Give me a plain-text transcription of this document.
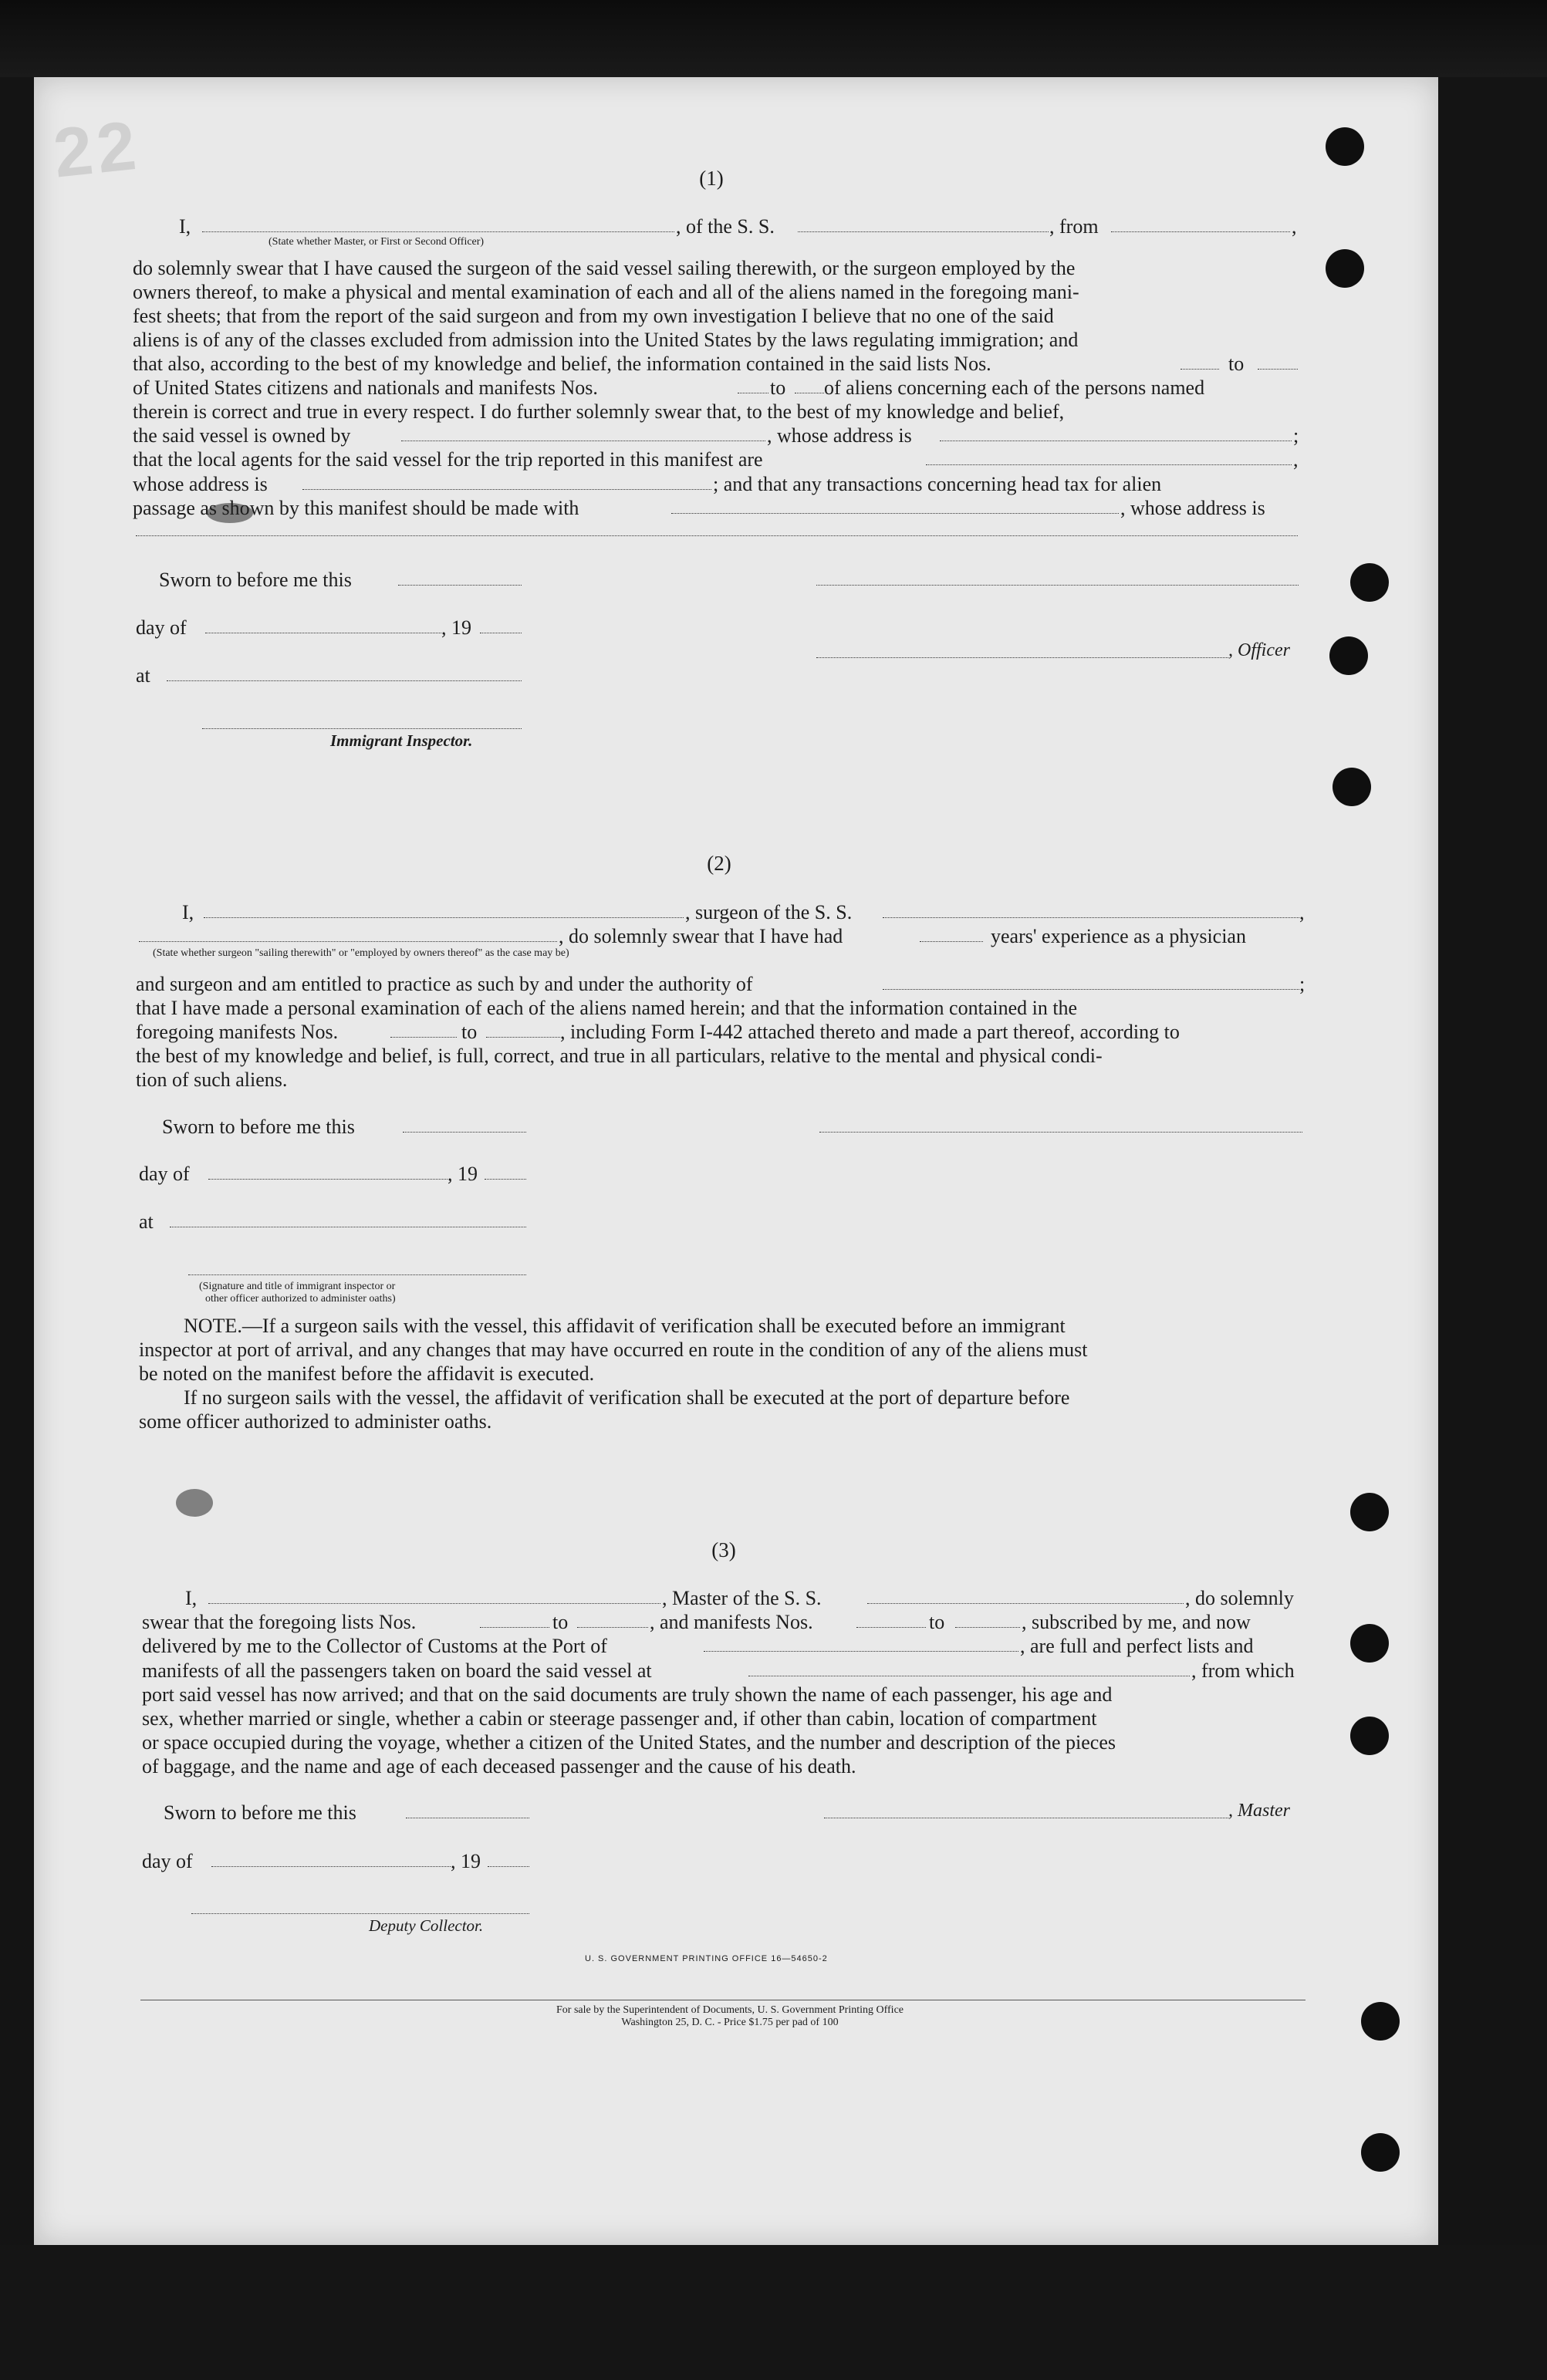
22	(1)
I,	, of the S. S.	, from	,
(State whether Master, or First or Second Officer)
do solemnly swear that I have caused the surgeon of the said vessel sailing therewith, or the surgeon employed by the
owners thereof, to make a physical and mental examination of each and all of the aliens named in the foregoing mani-
fest sheets; that from the report of the said surgeon and from my own investigation I believe that no one of the said
aliens is of any of the classes excluded from admission into the United States by the laws regulating immigration; and
that also, according to the best of my knowledge and belief, the information contained in the said lists Nos.	to
of United States citizens and nationals and manifests Nos.	to of aliens concerning each of the persons named
therein is correct and true in every respect. I do further solemnly swear that, to the best of my knowledge and belief,
the said vessel is owned by	, whose address is	;
that the local agents for the said vessel for the trip reported in this manifest are	,
whose address is	; and that any transactions concerning head tax for alien
passage as shown by this manifest should be made with	, whose address is
Sworn to before me this
day of	, 19
, Officer
at
Immigrant Inspector.
(2)
I,	, surgeon of the S. S.	,
, do solemnly swear that I have had	years' experience as a physician
(State whether surgeon "sailing therewith" or "employed by owners thereof" as the case may be)
and surgeon and am entitled to practice as such by and under the authority of	;
that I have made a personal examination of each of the aliens named herein; and that the information contained in the
foregoing manifests Nos.	to	, including Form I-442 attached thereto and made a part thereof, according to
the best of my knowledge and belief, is full, correct, and true in all particulars, relative to the mental and physical condi-
tion of such aliens.
Sworn to before me this
day of	, 19
at
(Signature and title of immigrant inspector or
other officer authorized to administer oaths)
NOTE.—If a surgeon sails with the vessel, this affidavit of verification shall be executed before an immigrant
inspector at port of arrival, and any changes that may have occurred en route in the condition of any of the aliens must
be noted on the manifest before the affidavit is executed.
If no surgeon sails with the vessel, the affidavit of verification shall be executed at the port of departure before
some officer authorized to administer oaths.
(3)
I,	, Master of the S. S.	, do solemnly
swear that the foregoing lists Nos.	to	, and manifests Nos.	to	, subscribed by me, and now
delivered by me to the Collector of Customs at the Port of	, are full and perfect lists and
manifests of all the passengers taken on board the said vessel at	, from which
port said vessel has now arrived; and that on the said documents are truly shown the name of each passenger, his age and
sex, whether married or single, whether a cabin or steerage passenger and, if other than cabin, location of compartment
or space occupied during the voyage, whether a citizen of the United States, and the number and description of the pieces
of baggage, and the name and age of each deceased passenger and the cause of his death.
Sworn to before me this	, Master
day of	, 19
Deputy Collector.
U. S. GOVERNMENT PRINTING OFFICE 16—54650-2
For sale by the Superintendent of Documents, U. S. Government Printing Office
Washington 25, D. C. - Price $1.75 per pad of 100
